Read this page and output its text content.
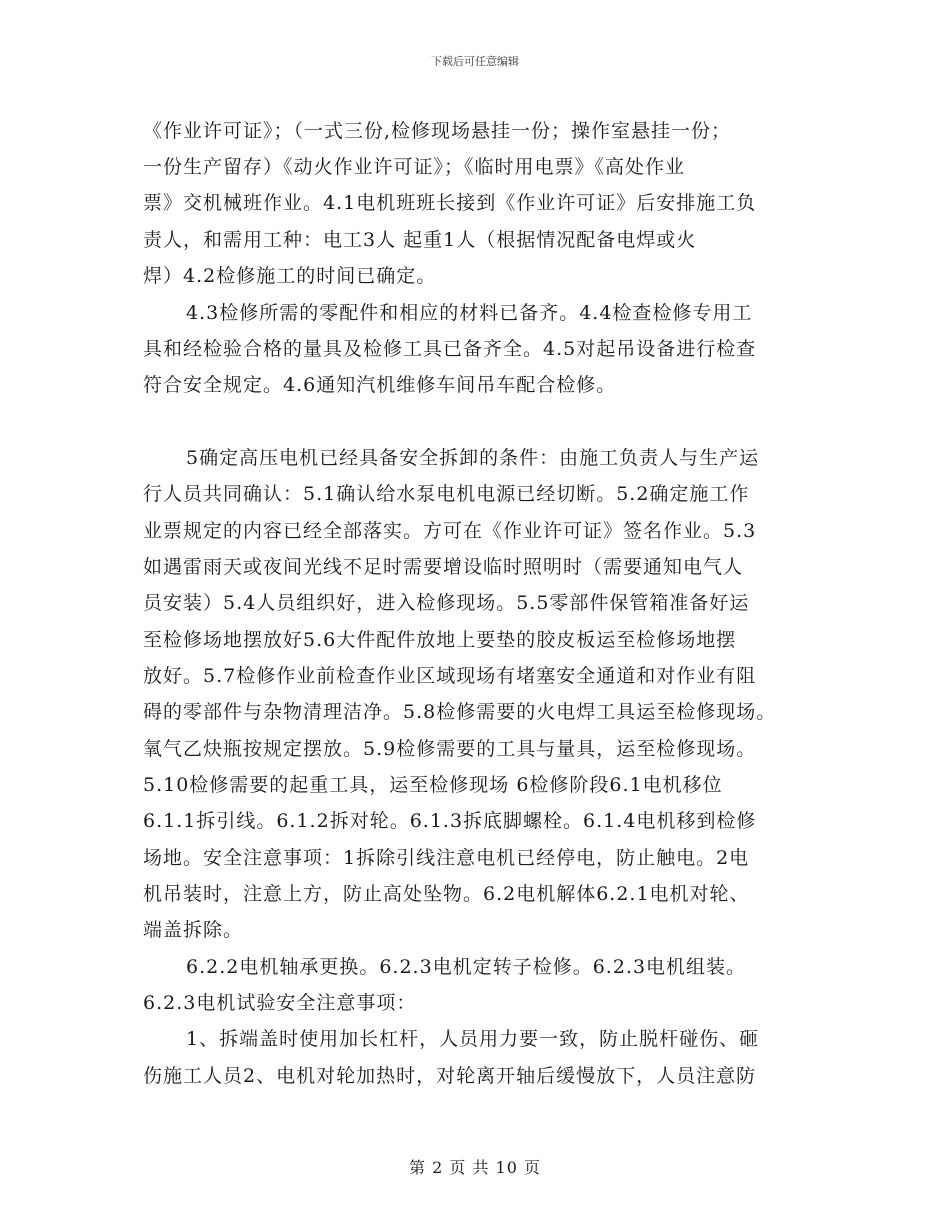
下载后可任意编辑
《作业许可证》；（一式三份,检修现场悬挂一份；操作室悬挂一份；
一份生产留存）《动火作业许可证》；《临时用电票》《高处作业
票》交机械班作业。4.1电机班班长接到《作业许可证》后安排施工负
责人，和需用工种：电工3人 起重1人（根据情况配备电焊或火
焊）4.2检修施工的时间已确定。
4.3检修所需的零配件和相应的材料已备齐。4.4检查检修专用工
具和经检验合格的量具及检修工具已备齐全。4.5对起吊设备进行检查
符合安全规定。4.6通知汽机维修车间吊车配合检修。
5确定高压电机已经具备安全拆卸的条件：由施工负责人与生产运
行人员共同确认：5.1确认给水泵电机电源已经切断。5.2确定施工作
业票规定的内容已经全部落实。方可在《作业许可证》签名作业。5.3
如遇雷雨天或夜间光线不足时需要增设临时照明时（需要通知电气人
员安装）5.4人员组织好，进入检修现场。5.5零部件保管箱准备好运
至检修场地摆放好5.6大件配件放地上要垫的胶皮板运至检修场地摆
放好。5.7检修作业前检查作业区域现场有堵塞安全通道和对作业有阻
碍的零部件与杂物清理洁净。5.8检修需要的火电焊工具运至检修现场。
氧气乙炔瓶按规定摆放。5.9检修需要的工具与量具，运至检修现场。
5.10检修需要的起重工具，运至检修现场 6检修阶段6.1电机移位
6.1.1拆引线。6.1.2拆对轮。6.1.3拆底脚螺栓。6.1.4电机移到检修
场地。安全注意事项：1拆除引线注意电机已经停电，防止触电。2电
机吊装时，注意上方，防止高处坠物。6.2电机解体6.2.1电机对轮、
端盖拆除。
6.2.2电机轴承更换。6.2.3电机定转子检修。6.2.3电机组装。
6.2.3电机试验安全注意事项：
1、拆端盖时使用加长杠杆，人员用力要一致，防止脱杆碰伤、砸
伤施工人员2、电机对轮加热时，对轮离开轴后缓慢放下，人员注意防
第 2 页 共 10 页
